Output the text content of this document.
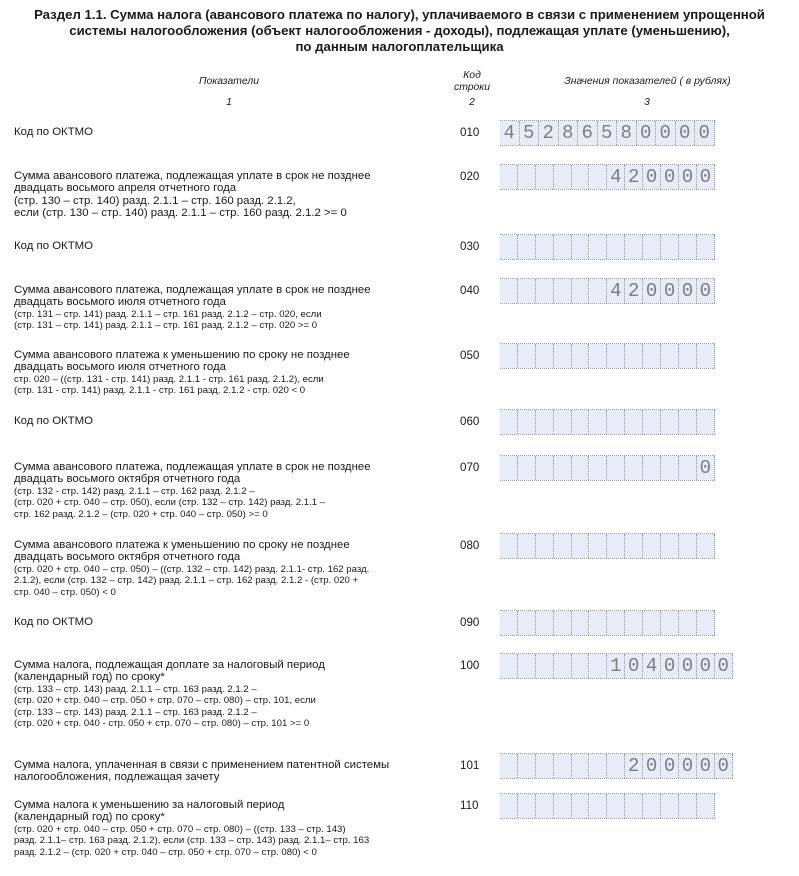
Раздел 1.1. Сумма налога (авансового платежа по налогу), уплачиваемого в связи с применением упрощенной
системы налогообложения (объект налогообложения - доходы), подлежащая уплате (уменьшению),
по данным налогоплательщика
Показатели
1
Код
строки
2
Значения показателей ( в рублях)
3
Код по ОКТМО	010 4 5 2 8 6 5 8 0 0 0 0
Сумма авансового платежа, подлежащая уплате в срок не позднее
двадцать восьмого апреля отчетного года
(стр. 130 – стр. 140) разд. 2.1.1 – стр. 160 разд. 2.1.2,
если (стр. 130 – стр. 140) разд. 2.1.1 – стр. 160 разд. 2.1.2 >= 0
020	4 2 0 0 0 0
Код по ОКТМО	030
Сумма авансового платежа, подлежащая уплате в срок не позднее
двадцать восьмого июля отчетного года
(стр. 131 – стр. 141) разд. 2.1.1 – стр. 161 разд. 2.1.2 – стр. 020, если
(стр. 131 – стр. 141) разд. 2.1.1 – стр. 161 разд. 2.1.2 – стр. 020 >= 0
040	4 2 0 0 0 0
Сумма авансового платежа к уменьшению по сроку не позднее
двадцать восьмого июля отчетного года
стр. 020 – ((стр. 131 - стр. 141) разд. 2.1.1 - стр. 161 разд. 2.1.2), если
(стр. 131 - стр. 141) разд. 2.1.1 - стр. 161 разд. 2.1.2 - стр. 020 < 0
050
Код по ОКТМО	060
Сумма авансового платежа, подлежащая уплате в срок не позднее
двадцать восьмого октября отчетного года
(стр. 132 - стр. 142) разд. 2.1.1 – стр. 162 разд. 2.1.2 –
(стр. 020 + стр. 040 – стр. 050), если (стр. 132 – стр. 142) разд. 2.1.1 –
стр. 162 разд. 2.1.2 – (стр. 020 + стр. 040 – стр. 050) >= 0
070	0
Сумма авансового платежа к уменьшению по сроку не позднее
двадцать восьмого октября отчетного года
(стр. 020 + стр. 040 – стр. 050) – ((стр. 132 – стр. 142) разд. 2.1.1- стр. 162 разд.
2.1.2), если (стр. 132 – стр. 142) разд. 2.1.1 – стр. 162 разд. 2.1.2 - (стр. 020 +
стр. 040 – стр. 050) < 0
080
Код по ОКТМО	090
Сумма налога, подлежащая доплате за налоговый период
(календарный год) по сроку*
(стр. 133 – стр. 143) разд. 2.1.1 – стр. 163 разд. 2.1.2 –
(стр. 020 + стр. 040 – стр. 050 + стр. 070 – стр. 080) – стр. 101, если
(стр. 133 – стр. 143) разд. 2.1.1 – стр. 163 разд. 2.1.2 –
(стр. 020 + стр. 040 - стр. 050 + стр. 070 – стр. 080) – стр. 101 >= 0
100	1 0 4 0 0 0 0
Сумма налога, уплаченная в связи с применением патентной системы
налогообложения, подлежащая зачету
101	2 0 0 0 0 0
Сумма налога к уменьшению за налоговый период
(календарный год) по сроку*
(стр. 020 + стр. 040 – стр. 050 + стр. 070 – стр. 080) – ((стр. 133 – стр. 143)
разд. 2.1.1– стр. 163 разд. 2.1.2), если (стр. 133 – стр. 143) разд. 2.1.1– стр. 163
разд. 2.1.2 – (стр. 020 + стр. 040 – стр. 050 + стр. 070 – стр. 080) < 0
110
